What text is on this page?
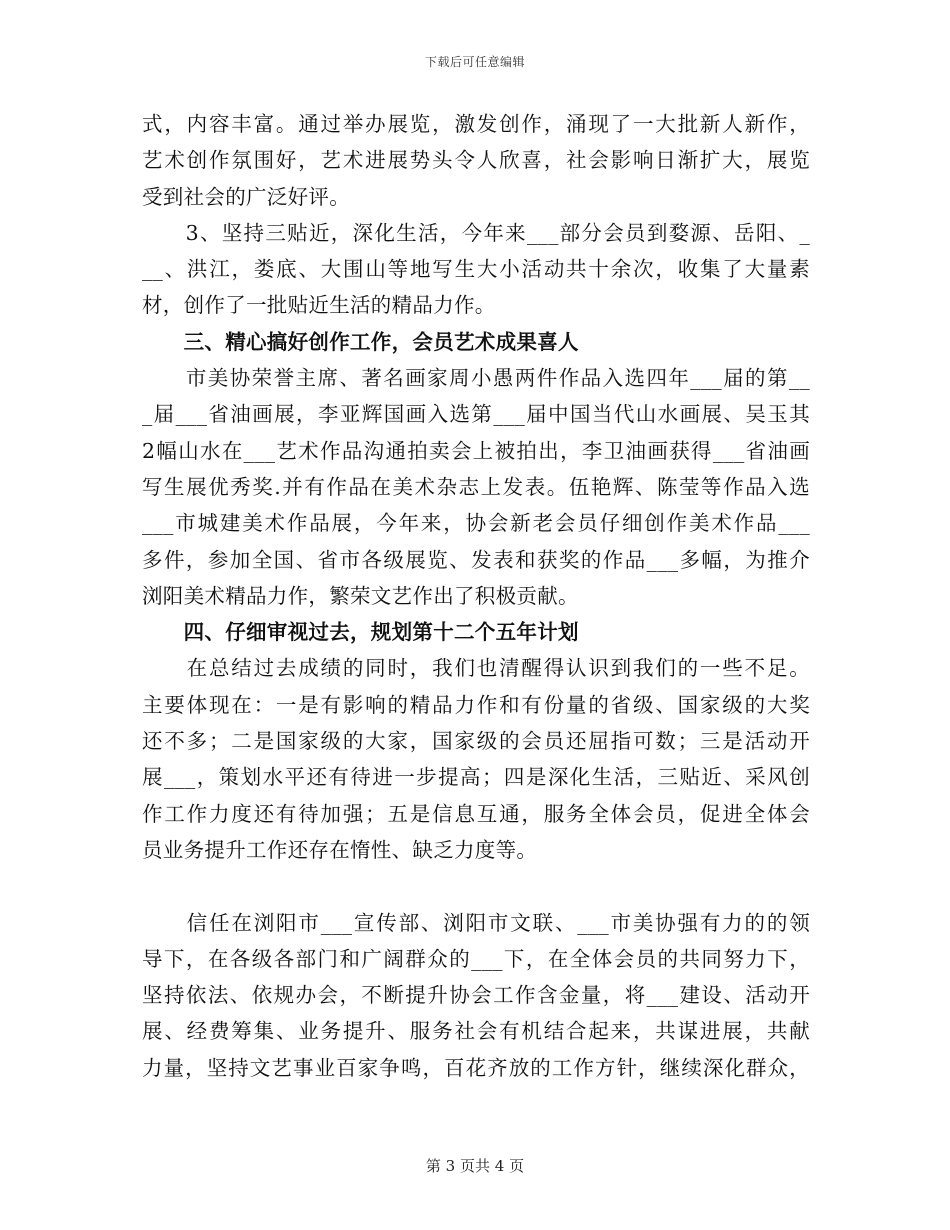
下载后可任意编辑
式，内容丰富。通过举办展览，激发创作，涌现了一大批新人新作，
艺术创作氛围好，艺术进展势头令人欣喜，社会影响日渐扩大，展览
受到社会的广泛好评。
　　3、坚持三贴近，深化生活，今年来___部分会员到婺源、岳阳、_
__、洪江，娄底、大围山等地写生大小活动共十余次，收集了大量素
材，创作了一批贴近生活的精品力作。
　　三、精心搞好创作工作，会员艺术成果喜人
　　市美协荣誉主席、著名画家周小愚两件作品入选四年___届的第__
_届___省油画展，李亚辉国画入选第___届中国当代山水画展、吴玉其
2幅山水在___艺术作品沟通拍卖会上被拍出，李卫油画获得___省油画
写生展优秀奖.并有作品在美术杂志上发表。伍艳辉、陈莹等作品入选
___市城建美术作品展，今年来，协会新老会员仔细创作美术作品___
多件，参加全国、省市各级展览、发表和获奖的作品___多幅，为推介
浏阳美术精品力作，繁荣文艺作出了积极贡献。
　　四、仔细审视过去，规划第十二个五年计划
　　在总结过去成绩的同时，我们也清醒得认识到我们的一些不足。
主要体现在：一是有影响的精品力作和有份量的省级、国家级的大奖
还不多；二是国家级的大家，国家级的会员还屈指可数；三是活动开
展___，策划水平还有待进一步提高；四是深化生活，三贴近、采风创
作工作力度还有待加强；五是信息互通，服务全体会员，促进全体会
员业务提升工作还存在惰性、缺乏力度等。
　　信任在浏阳市___宣传部、浏阳市文联、___市美协强有力的的领
导下，在各级各部门和广阔群众的___下，在全体会员的共同努力下，
坚持依法、依规办会，不断提升协会工作含金量，将___建设、活动开
展、经费筹集、业务提升、服务社会有机结合起来，共谋进展，共献
力量，坚持文艺事业百家争鸣，百花齐放的工作方针，继续深化群众，
第 3 页共 4 页
